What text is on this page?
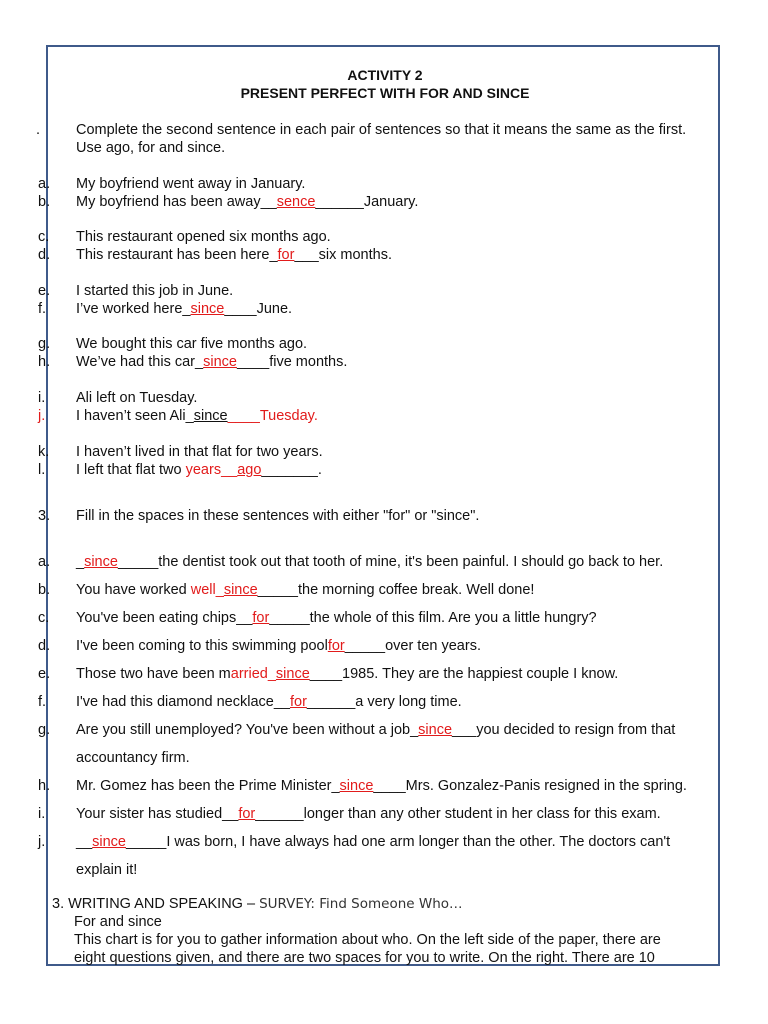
ACTIVITY 2
PRESENT PERFECT WITH FOR AND SINCE
. Complete the second sentence in each pair of sentences so that it means the same as the first.
Use ago, for and since.
a. My boyfriend went away in January.
b. My boyfriend has been away__sence______January.
c. This restaurant opened six months ago.
d. This restaurant has been here_for___six months.
e. I started this job in June.
f. I’ve worked here_since____June.
g. We bought this car five months ago.
h. We’ve had this car_since____five months.
i. Ali left on Tuesday.
j. I haven’t seen Ali_since____Tuesday.
k. I haven’t lived in that flat for two years.
l. I left that flat two years__ago_______.
3. Fill in the spaces in these sentences with either "for" or "since".
a. _since_____the dentist took out that tooth of mine, it's been painful. I should go back to her.
b. You have worked well_since_____the morning coffee break. Well done!
c. You've been eating chips__for_____the whole of this film. Are you a little hungry?
d. I've been coming to this swimming poolfor_____over ten years.
e. Those two have been married_since____1985. They are the happiest couple I know.
f. I've had this diamond necklace__for______a very long time.
g. Are you still unemployed? You've been without a job_since___you decided to resign from that
accountancy firm.
h. Mr. Gomez has been the Prime Minister_since____Mrs. Gonzalez-Panis resigned in the spring.
i. Your sister has studied__for______longer than any other student in her class for this exam.
j. __since_____I was born, I have always had one arm longer than the other. The doctors can't
explain it!
3. WRITING AND SPEAKING – SURVEY: Find Someone Who…
For and since
This chart is for you to gather information about who. On the left side of the paper, there are
eight questions given, and there are two spaces for you to write. On the right. There are 10
